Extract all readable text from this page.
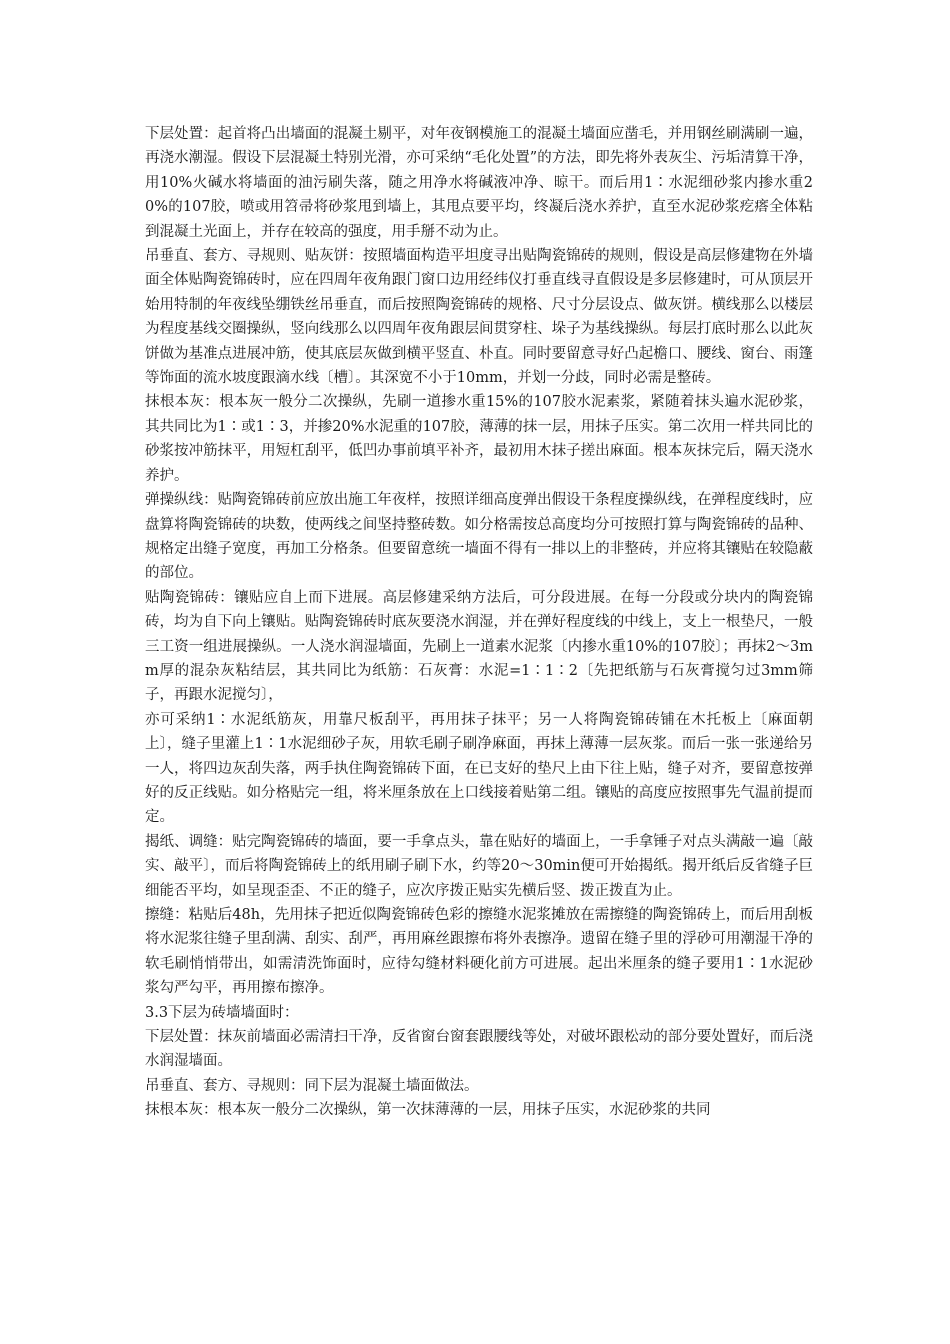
下层处置：起首将凸出墙面的混凝土剔平，对年夜钢模施工的混凝土墙面应凿毛，并用钢丝刷满刷一遍，再浇水潮湿。假设下层混凝土特别光滑，亦可采纳“毛化处置”的方法，即先将外表灰尘、污垢清算干净，用10%火碱水将墙面的油污刷失落，随之用净水将碱液冲净、晾干。而后用1∶水泥细砂浆内掺水重20%的107胶，喷或用笤帚将砂浆甩到墙上，其甩点要平均，终凝后浇水养护，直至水泥砂浆疙瘩全体粘到混凝土光面上，并存在较高的强度，用手掰不动为止。

吊垂直、套方、寻规则、贴灰饼：按照墙面构造平坦度寻出贴陶瓷锦砖的规则，假设是高层修建物在外墙面全体贴陶瓷锦砖时，应在四周年夜角跟门窗口边用经纬仪打垂直线寻直假设是多层修建时，可从顶层开始用特制的年夜线坠绷铁丝吊垂直，而后按照陶瓷锦砖的规格、尺寸分层设点、做灰饼。横线那么以楼层为程度基线交圈操纵，竖向线那么以四周年夜角跟层间贯穿柱、垛子为基线操纵。每层打底时那么以此灰饼做为基准点进展冲筋，使其底层灰做到横平竖直、朴直。同时要留意寻好凸起檐口、腰线、窗台、雨篷等饰面的流水坡度跟滴水线〔槽〕。其深宽不小于10mm，并划一分歧，同时必需是整砖。

抹根本灰：根本灰一般分二次操纵，先刷一道掺水重15%的107胶水泥素浆，紧随着抹头遍水泥砂浆，其共同比为1∶或1∶3，并掺20%水泥重的107胶，薄薄的抹一层，用抹子压实。第二次用一样共同比的砂浆按冲筋抹平，用短杠刮平，低凹办事前填平补齐，最初用木抹子搓出麻面。根本灰抹完后，隔天浇水养护。

弹操纵线：贴陶瓷锦砖前应放出施工年夜样，按照详细高度弹出假设干条程度操纵线，在弹程度线时，应盘算将陶瓷锦砖的块数，使两线之间坚持整砖数。如分格需按总高度均分可按照打算与陶瓷锦砖的品种、规格定出缝子宽度，再加工分格条。但要留意统一墙面不得有一排以上的非整砖，并应将其镶贴在较隐蔽的部位。

贴陶瓷锦砖：镶贴应自上而下进展。高层修建采纳方法后，可分段进展。在每一分段或分块内的陶瓷锦砖，均为自下向上镶贴。贴陶瓷锦砖时底灰要浇水润湿，并在弹好程度线的中线上，支上一根垫尺，一般三工资一组进展操纵。一人浇水润湿墙面，先刷上一道素水泥浆〔内掺水重10%的107胶〕；再抹2～3mm厚的混杂灰粘结层，其共同比为纸筋：石灰膏：水泥=1∶1∶2〔先把纸筋与石灰膏搅匀过3mm筛子，再跟水泥搅匀〕，

亦可采纳1∶水泥纸筋灰，用靠尺板刮平，再用抹子抹平；另一人将陶瓷锦砖铺在木托板上〔麻面朝上〕，缝子里灌上1∶1水泥细砂子灰，用软毛刷子刷净麻面，再抹上薄薄一层灰浆。而后一张一张递给另一人，将四边灰刮失落，两手执住陶瓷锦砖下面，在已支好的垫尺上由下往上贴，缝子对齐，要留意按弹好的反正线贴。如分格贴完一组，将米厘条放在上口线接着贴第二组。镶贴的高度应按照事先气温前提而定。

揭纸、调缝：贴完陶瓷锦砖的墙面，要一手拿点头，靠在贴好的墙面上，一手拿锤子对点头满敲一遍〔敲实、敲平〕，而后将陶瓷锦砖上的纸用刷子刷下水，约等20～30min便可开始揭纸。揭开纸后反省缝子巨细能否平均，如呈现歪歪、不正的缝子，应次序拨正贴实先横后竖、拨正拨直为止。

擦缝：粘贴后48h，先用抹子把近似陶瓷锦砖色彩的擦缝水泥浆摊放在需擦缝的陶瓷锦砖上，而后用刮板将水泥浆往缝子里刮满、刮实、刮严，再用麻丝跟擦布将外表擦净。遗留在缝子里的浮砂可用潮湿干净的软毛刷悄悄带出，如需清洗饰面时，应待勾缝材料硬化前方可进展。起出米厘条的缝子要用1∶1水泥砂浆勾严勾平，再用擦布擦净。

3.3下层为砖墙墙面时：

下层处置：抹灰前墙面必需清扫干净，反省窗台窗套跟腰线等处，对破坏跟松动的部分要处置好，而后浇水润湿墙面。

吊垂直、套方、寻规则：同下层为混凝土墙面做法。

抹根本灰：根本灰一般分二次操纵，第一次抹薄薄的一层，用抹子压实，水泥砂浆的共同
